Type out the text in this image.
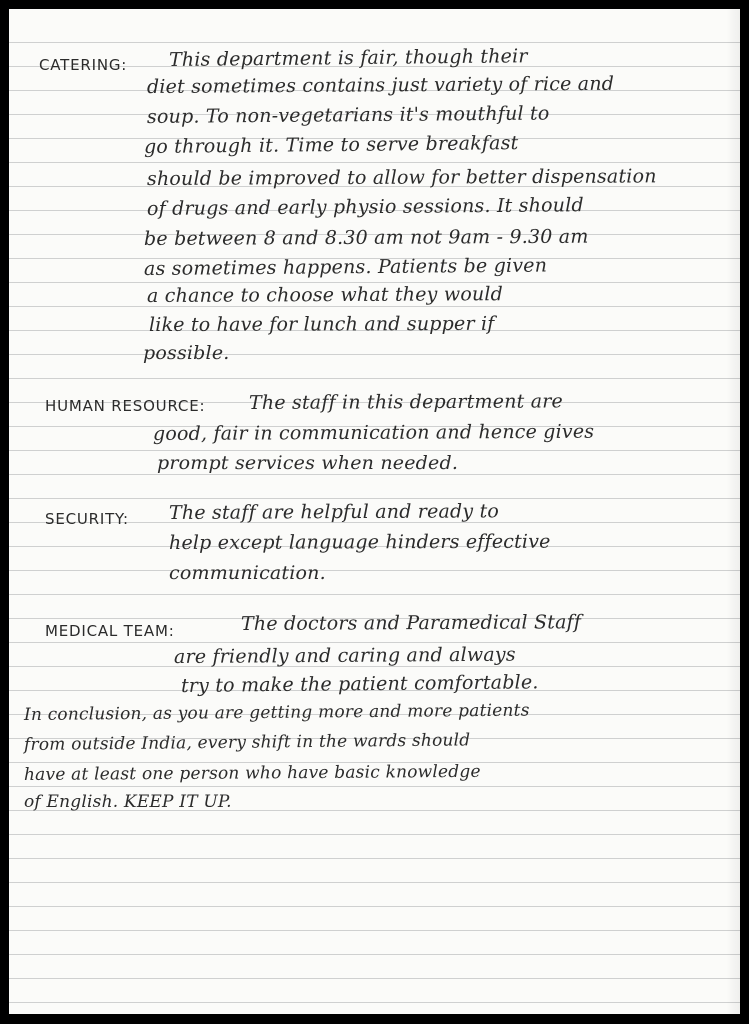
CATERING: This department is fair, though their
diet sometimes contains just variety of rice and
soup. To non-vegetarians it's mouthful to
go through it. Time to serve breakfast
should be improved to allow for better dispensation
of drugs and early physio sessions. It should
be between 8 and 8.30 am not 9am - 9.30 am
as sometimes happens. Patients be given
a chance to choose what they would
like to have for lunch and supper if
possible.
HUMAN RESOURCE: The staff in this department are
good, fair in communication and hence gives
prompt services when needed.
SECURITY: The staff are helpful and ready to
help except language hinders effective
communication.
MEDICAL TEAM:	The doctors and Paramedical Staff
are friendly and caring and always
try to make the patient comfortable.
In conclusion, as you are getting more and more patients
from outside India, every shift in the wards should
have at least one person who have basic knowledge
of English. KEEP IT UP.
